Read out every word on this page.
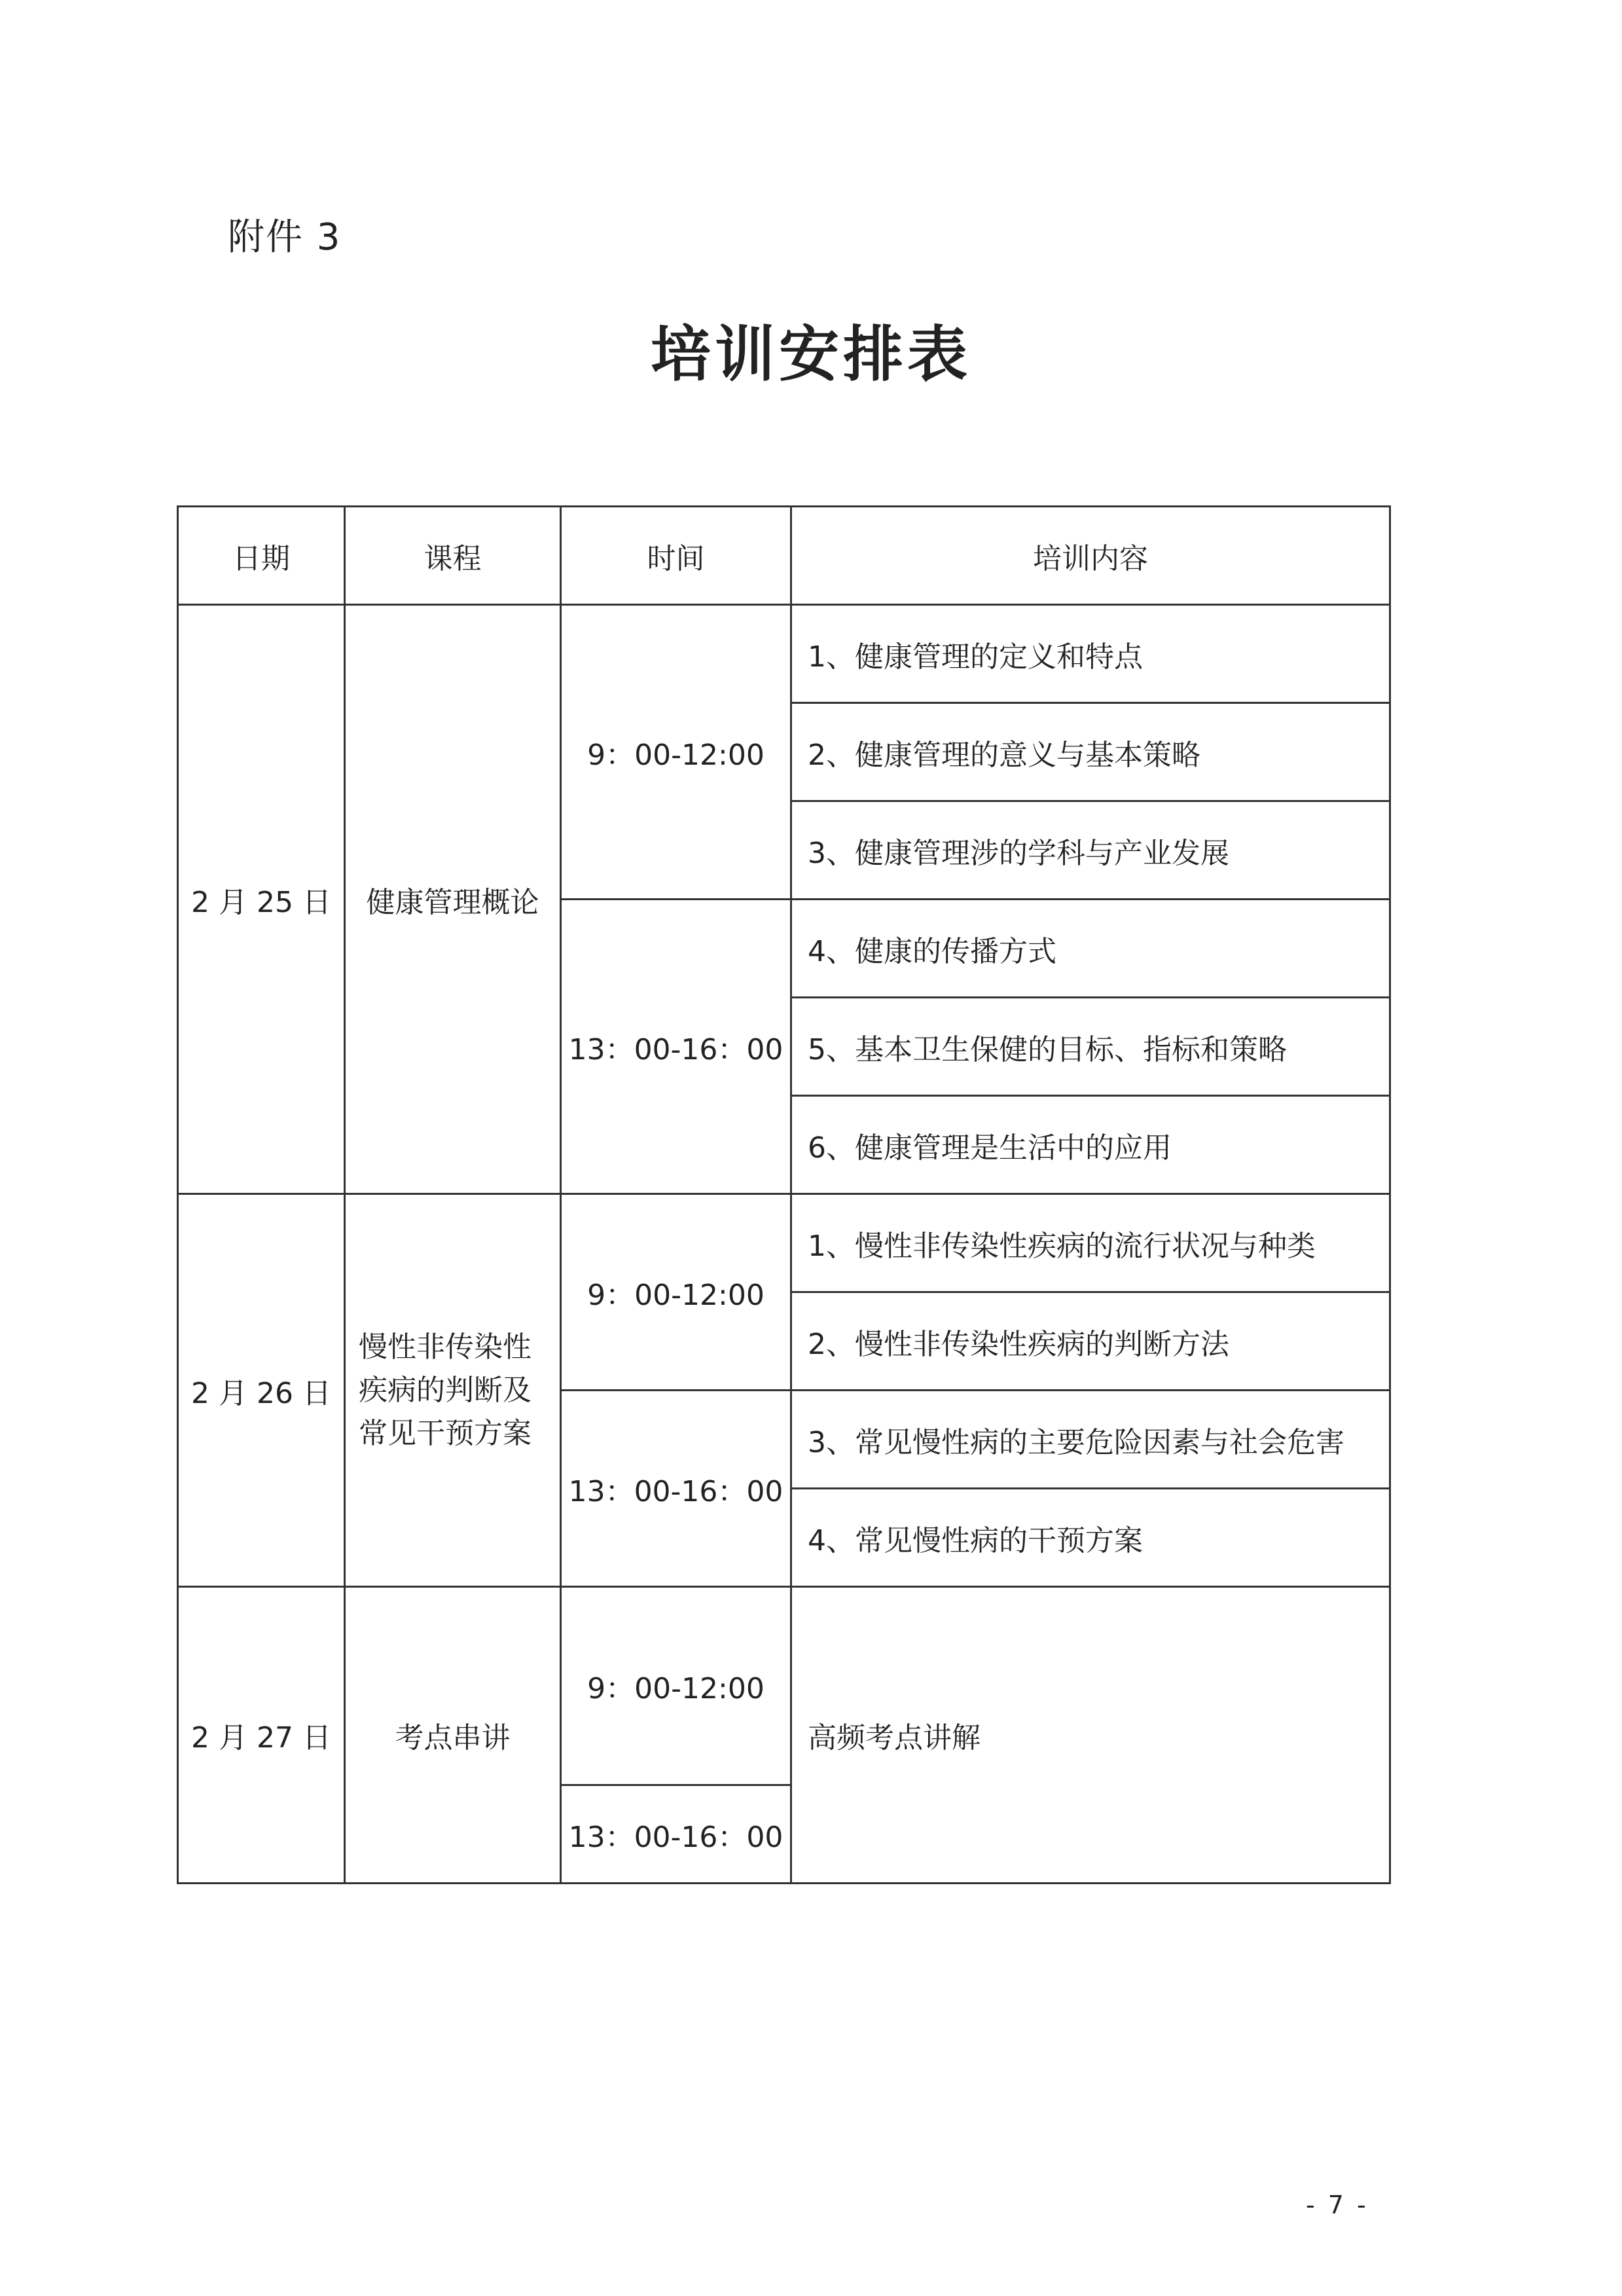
附件 3
培训安排表
日期	课程	时间	培训内容
2 月 25 日	健康管理概论	9：00-12:00	1、健康管理的定义和特点
			2、健康管理的意义与基本策略
			3、健康管理涉的学科与产业发展
		13：00-16：00	4、健康的传播方式
			5、基本卫生保健的目标、指标和策略
			6、健康管理是生活中的应用
2 月 26 日	慢性非传染性疾病的判断及常见干预方案	9：00-12:00	1、慢性非传染性疾病的流行状况与种类
			2、慢性非传染性疾病的判断方法
		13：00-16：00	3、常见慢性病的主要危险因素与社会危害
			4、常见慢性病的干预方案
2 月 27 日	考点串讲	9：00-12:00	高频考点讲解
		13：00-16：00	
- 7 -
